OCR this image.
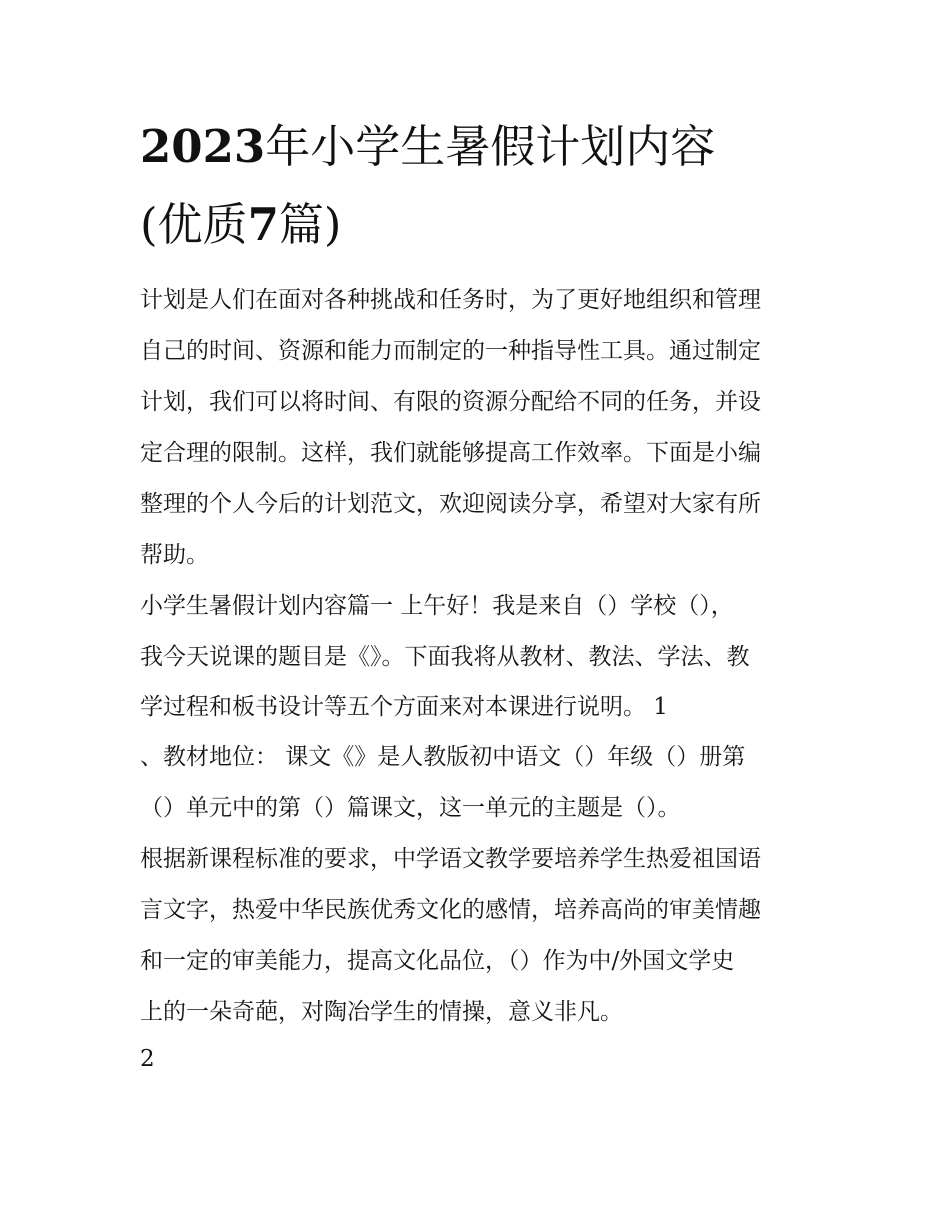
2023年小学生暑假计划内容
(优质7篇)
计划是人们在面对各种挑战和任务时，为了更好地组织和管理
自己的时间、资源和能力而制定的一种指导性工具。通过制定
计划，我们可以将时间、有限的资源分配给不同的任务，并设
定合理的限制。这样，我们就能够提高工作效率。下面是小编
整理的个人今后的计划范文，欢迎阅读分享，希望对大家有所
帮助。
小学生暑假计划内容篇一 上午好！我是来自（）学校（），
我今天说课的题目是《》。下面我将从教材、教法、学法、教
学过程和板书设计等五个方面来对本课进行说明。 1
、教材地位： 课文《》是人教版初中语文（）年级（）册第
（）单元中的第（）篇课文，这一单元的主题是（）。
根据新课程标准的要求，中学语文教学要培养学生热爱祖国语
言文字，热爱中华民族优秀文化的感情，培养高尚的审美情趣
和一定的审美能力，提高文化品位，（）作为中/外国文学史
上的一朵奇葩，对陶冶学生的情操，意义非凡。
2
